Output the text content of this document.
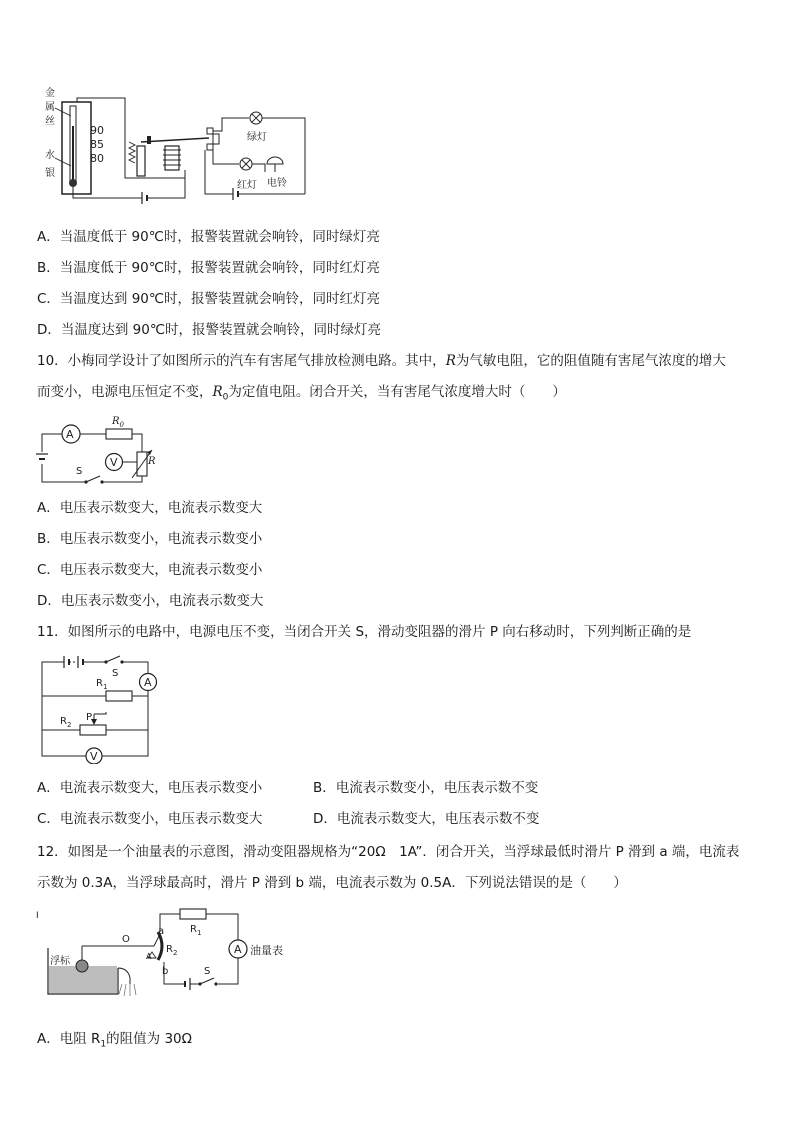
金
属
丝
水
银
90
85
80
绿灯
红灯 电铃
A．当温度低于 90℃时，报警装置就会响铃，同时绿灯亮
B．当温度低于 90℃时，报警装置就会响铃，同时红灯亮
C．当温度达到 90℃时，报警装置就会响铃，同时红灯亮
D．当温度达到 90℃时，报警装置就会响铃，同时绿灯亮
10．小梅同学设计了如图所示的汽车有害尾气排放检测电路。其中，R为气敏电阻，它的阻值随有害尾气浓度的增大
而变小，电源电压恒定不变，$R_0$为定值电阻。闭合开关，当有害尾气浓度增大时（　　）
A
$R_0$
R
V
S
A．电压表示数变大，电流表示数变大
B．电压表示数变小，电流表示数变小
C．电压表示数变大，电流表示数变小
D．电压表示数变小，电流表示数变大
11．如图所示的电路中，电源电压不变，当闭合开关 S，滑动变阻器的滑片 P 向右移动时，下列判断正确的是
S
A
$R_1$
$R_2$
P
V
A．电流表示数变大，电压表示数变小	B．电流表示数变小，电压表示数不变
C．电流表示数变小，电压表示数变大	D．电流表示数变大，电压表示数不变
12．如图是一个油量表的示意图，滑动变阻器规格为“20Ω　1A”．闭合开关，当浮球最低时滑片 P 滑到 a 端，电流表
示数为 0.3A，当浮球最高时，滑片 P 滑到 b 端，电流表示数为 0.5A．下列说法错误的是（　　）
I
浮标
O
A
a
b
$R_2$
$R_1$
A 油量表
S
A．电阻 $R_1$的阻值为 30Ω
